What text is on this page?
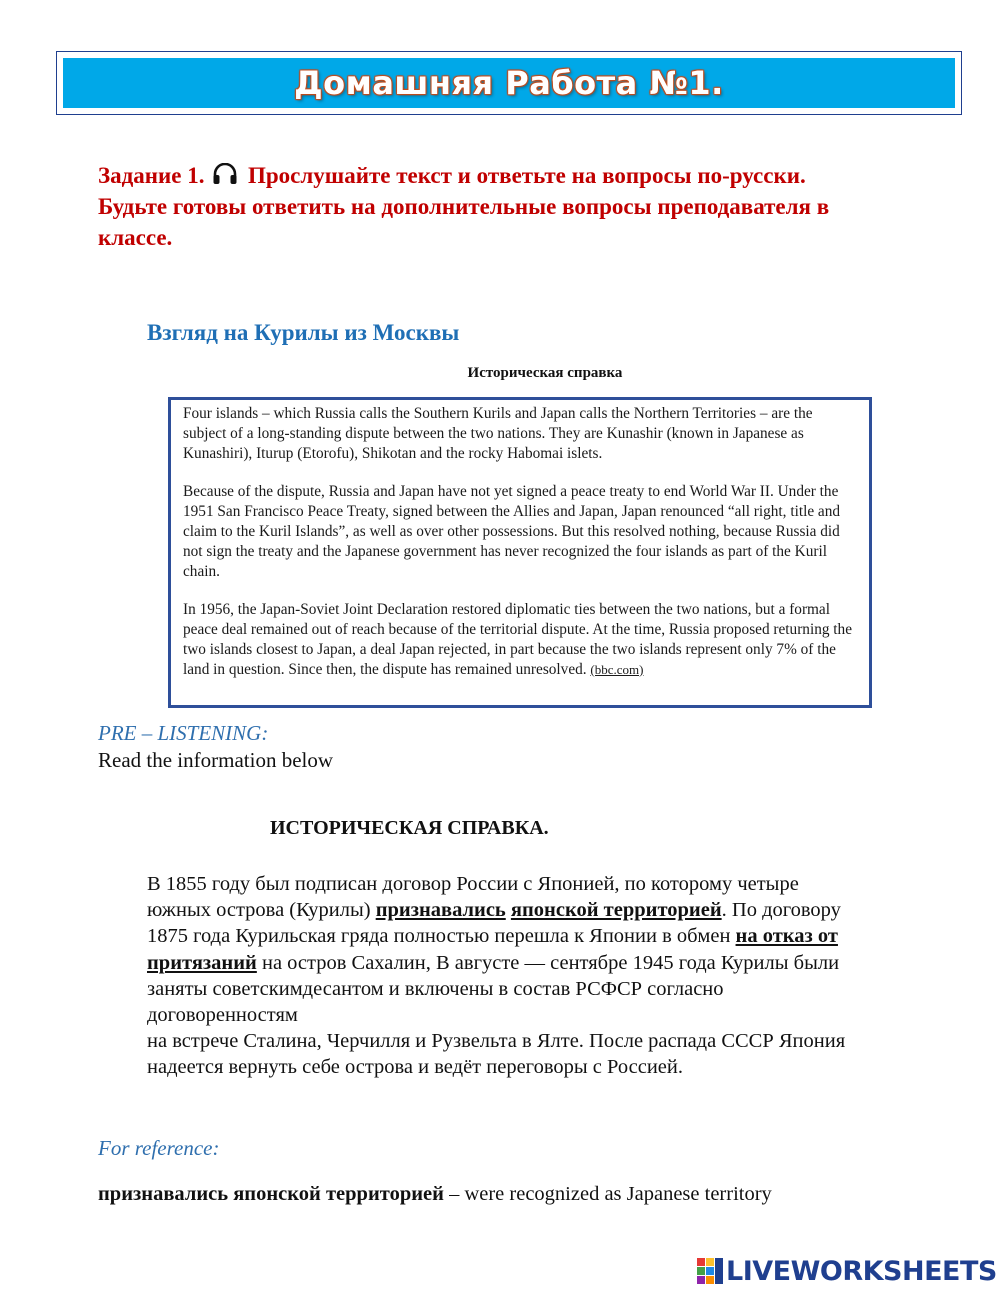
Домашняя Работа №1.
Задание 1. Прослушайте текст и ответьте на вопросы по-русски. Будьте готовы ответить на дополнительные вопросы преподавателя в классе.
Взгляд на Курилы из Москвы
Историческая справка

Four islands – which Russia calls the Southern Kurils and Japan calls the Northern Territories – are the subject of a long-standing dispute between the two nations. They are Kunashir (known in Japanese as Kunashiri), Iturup (Etorofu), Shikotan and the rocky Habomai islets.

Because of the dispute, Russia and Japan have not yet signed a peace treaty to end World War II. Under the 1951 San Francisco Peace Treaty, signed between the Allies and Japan, Japan renounced “all right, title and claim to the Kuril Islands”, as well as over other possessions. But this resolved nothing, because Russia did not sign the treaty and the Japanese government has never recognized the four islands as part of the Kuril chain.

In 1956, the Japan-Soviet Joint Declaration restored diplomatic ties between the two nations, but a formal peace deal remained out of reach because of the territorial dispute. At the time, Russia proposed returning the two islands closest to Japan, a deal Japan rejected, in part because the two islands represent only 7% of the land in question. Since then, the dispute has remained unresolved. (bbc.com)

PRE – LISTENING:
Read the information below
ИСТОРИЧЕСКАЯ СПРАВКА.
В 1855 году был подписан договор России с Японией, по которому четыре южных острова (Курилы) признавались японской территорией. По договору 1875 года Курильская гряда полностью перешла к Японии в обмен на отказ от притязаний на остров Сахалин, В августе — сентябре 1945 года Курилы были заняты советскимдесантом и включены в состав РСФСР согласно договоренностям
на встрече Сталина, Черчилля и Рузвельта в Ялте. После распада СССР Япония надеется вернуть себе острова и ведёт переговоры с Россией.
For reference:
признавались японской территорией – were recognized as Japanese territory
LIVEWORKSHEETS
